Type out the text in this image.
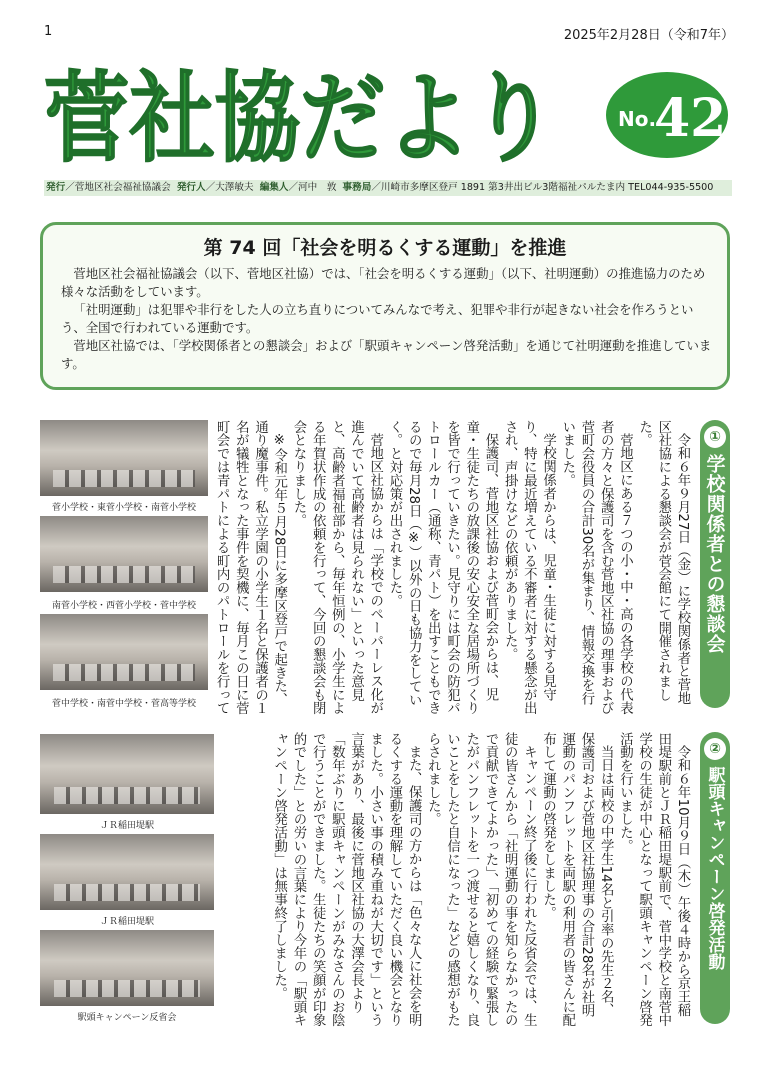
1	2025年2月28日（令和7年）
菅社協だより	No.
42
発行／菅地区社会福祉協議会 発行人／大澤敏夫 編集人／河中　敦 事務局／川崎市多摩区登戸 1891 第3井出ビル3階福祉パルたま内 TEL044-935-5500
第 74 回「社会を明るくする運動」を推進

菅地区社会福祉協議会（以下、菅地区社協）では、「社会を明るくする運動」（以下、社明運動）の推進協力のため様々な活動をしています。

「社明運動」は犯罪や非行をした人の立ち直りについてみんなで考え、犯罪や非行が起きない社会を作ろうという、全国で行われている運動です。

菅地区社協では、「学校関係者との懇談会」および「駅頭キャンペーン啓発活動」を通じて社明運動を推進しています。

①
学校関係者との懇談会

令和６年９月27日（金）に学校関係者と菅地区社協による懇談会が菅会館にて開催されました。

菅地区にある７つの小・中・高の各学校の代表者の方々と保護司を含む菅地区社協の理事および菅町会役員の合計30名が集まり、情報交換を行いました。

学校関係者からは、児童・生徒に対する見守り、特に最近増えている不審者に対する懸念が出され、声掛けなどの依頼がありました。

保護司、菅地区社協および菅町会からは、児童・生徒たちの放課後の安心安全な居場所づくりを皆で行っていきたい。見守りには町会の防犯パトロールカー（通称、青パト）を出すこともできるので毎月28日（※）以外の日も協力をしていく。と対応策が出されました。

菅地区社協からは「学校でのペーパーレス化が進んでいて高齢者は見られない」といった意見と、高齢者福祉部から、毎年恒例の、小学生による年賀状作成の依頼を行って、今回の懇談会も閉会となりました。

※令和元年５月28日に多摩区登戸で起きた、通り魔事件。私立学園の小学生１名と保護者の１名が犠牲となった事件を契機に、毎月この日に菅町会では青パトによる町内のパトロールを行って

菅小学校・東菅小学校・南菅小学校
南菅小学校・西菅小学校・菅中学校
菅中学校・南菅中学校・菅高等学校
②
駅頭キャンペーン啓発活動

令和６年10月９日（木）午後４時から京王稲田堤駅前とＪＲ稲田堤駅前で、菅中学校と南菅中学校の生徒が中心となって駅頭キャンペーン啓発活動を行いました。

当日は両校の中学生14名と引率の先生２名、保護司および菅地区社協理事の合計28名が社明運動のパンフレットを両駅の利用者の皆さんに配布して運動の啓発をしました。

キャンペーン終了後に行われた反省会では、生徒の皆さんから「社明運動の事を知らなかったので貢献できてよかった」、「初めての経験で緊張したがパンフレットを一つ渡せると嬉しくなり、良いことをしたと自信になった」などの感想がもたらされました。

また、保護司の方からは「色々な人に社会を明るくする運動を理解していただく良い機会となりました。小さい事の積み重ねが大切です」という言葉があり、最後に菅地区社協の大澤会長より「数年ぶりに駅頭キャンペーンがみなさんのお陰で行うことができました。生徒たちの笑顔が印象的でした」との労いの言葉により今年の「駅頭キャンペーン啓発活動」は無事終了しました。

ＪＲ稲田堤駅
ＪＲ稲田堤駅
駅頭キャンペーン反省会
